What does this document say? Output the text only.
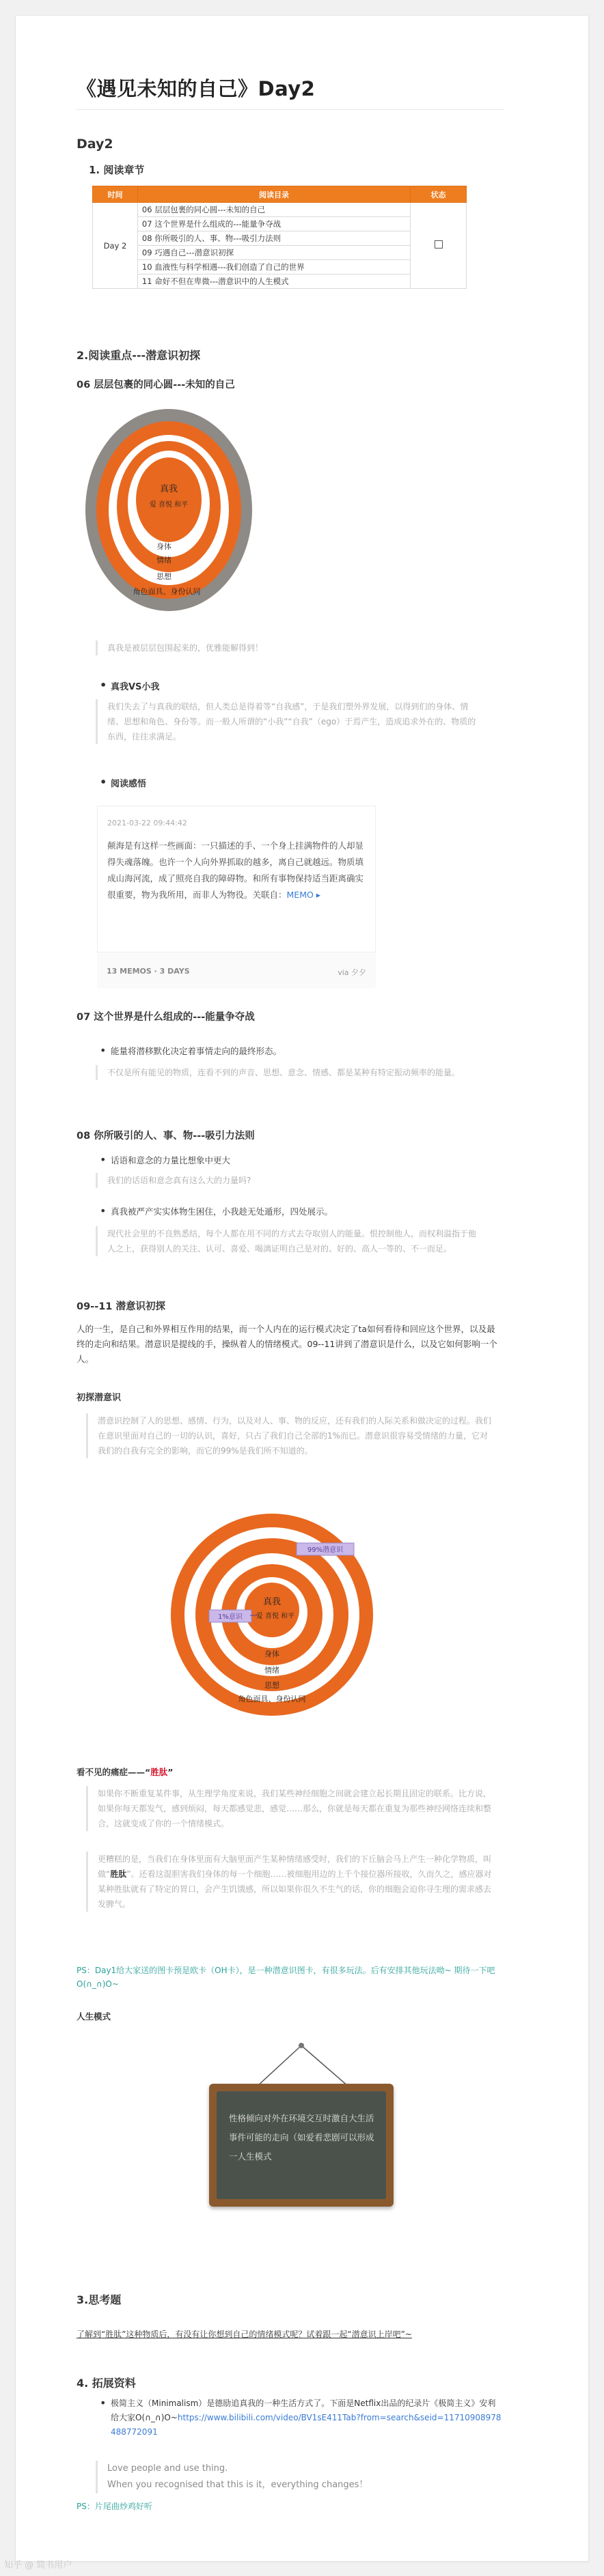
《遇见未知的自己》Day2
Day2
1. 阅读章节
时间	阅读目录	状态
Day 2	06 层层包裹的同心圆---未知的自己	
	07 这个世界是什么组成的---能量争夺战	
	08 你所吸引的人、事、物---吸引力法则	
	09 巧遇自己---潜意识初探	
	10 血液性与科学相遇---我们创造了自己的世界	
	11 命好不但在卑微---潜意识中的人生模式	
2.阅读重点---潜意识初探
06 层层包裹的同心圆---未知的自己
真我
爱 喜悦 和平
身体
情绪
思想
角色面具、身份认同
真我是被层层包围起来的，优雅能解得到！
• 真我VS小我
我们失去了与真我的联结，但人类总是得着等“自我感”，于是我们塑外界发展，以得到们的身体、情绪、思想和角色、身份等。而一般人所谓的“小我”“自我”（ego）于焉产生，造成追求外在的、物质的东西，往往求满足。
• 阅读感悟
2021-03-22 09:44:42
颠海是有这样一些画面：一只描述的手、一个身上挂满物件的人却显得失魂落魄。也许一个人向外界抓取的越多，离自己就越远。物质填成山海河流，成了照亮自我的障碍物。和所有事物保持适当距离确实很重要，物为我所用，而非人为物役。关联自：MEMO ▸
13 MEMOS · 3 DAYS	via 夕夕
07 这个世界是什么组成的---能量争夺战
• 能量将潜移默化决定着事情走向的最终形态。
不仅是所有能见的物质，连看不到的声音、思想、意念、情感、都是某种有特定振动频率的能量。
08 你所吸引的人、事、物---吸引力法则
• 话语和意念的力量比想象中更大
我们的话语和意念真有这么大的力量吗?
• 真我被严产实实体物生困住，小我趁无处遁形，四处展示。
现代社会里的不良熟悉结，每个人都在用不同的方式去夺取别人的能量。恨控制他人，而权利溢指于他人之上，获得别人的关注、认可、喜爱、喝漓证明自己是对的、好的、高人一等的、不一而足。
09--11 潜意识初探
人的一生，是自己和外界相互作用的结果，而一个人内在的运行模式决定了ta如何看待和回应这个世界，以及最终的走向和结果。潜意识是提线的手，操纵着人的情绪模式。09--11讲到了潜意识是什么，以及它如何影响一个人。
初探潜意识
潜意识控制了人的思想、感情、行为，以及对人、事、物的反应，还有我们的人际关系和做决定的过程。我们在意识里面对自己的一切的认识，喜好，只占了我们自己全部的1%而已。潜意识很容易受情绪的力量，它对我们的自我有完全的影响，而它的99%是我们所不知道的。
真我
爱 喜悦 和平
身体
情绪
思想
角色面具、身份认同
99%潜意识
1%意识
看不见的痛症——“胜肽”
如果你不断重复某件事，从生理学角度来说，我们某些神经细胞之间就会建立起长期且固定的联系。比方说，如果你每天都发气，感到烦闷，每天都感觉悲，感觉……那么，你就是每天都在重复为那些神经网络连续和整合，这就变成了你的一个情绪模式。
更糟糕的是，当我们在身体里面有大脑里面产生某种情绪感受时，我们的下丘脑会马上产生一种化学物质，叫做“胜肽”。还看这混胆害我们身体的每一个细胞……被细胞用边的上千个接位器所接收，久而久之，感应器对某种胜肽就有了特定的胃口，会产生饥饿感，所以如果你很久不生气的话，你的细胞会迫你寻生理的需求感去发脾气。
PS：Day1给大家送的图卡预是欧卡（OH卡），是一种潜意识图卡，有很多玩法。后有安排其他玩法呦~ 期待一下吧O(∩_∩)O~
人生模式
性格倾向对外在环境交互时激自大生活事件可能的走向（如爱看悲剧可以形成一人生模式
3.思考题
了解到“胜肽”这种物质后，有没有让你想到自己的情绪模式呢？试着跟一起“潜意识上岸吧”~
4. 拓展资料
• 极简主义（Minimalism）是德励追真我的一种生活方式了。下面是Netflix出品的纪录片《极简主义》安利给大家O(∩_∩)O~https://www.bilibili.com/video/BV1sE411Tab?from=search&seid=11710908978488772091
Love people and use thing.
When you recognised that this is it，everything changes！
PS：片尾曲炒鸡好听
知乎 @ 简书用户
